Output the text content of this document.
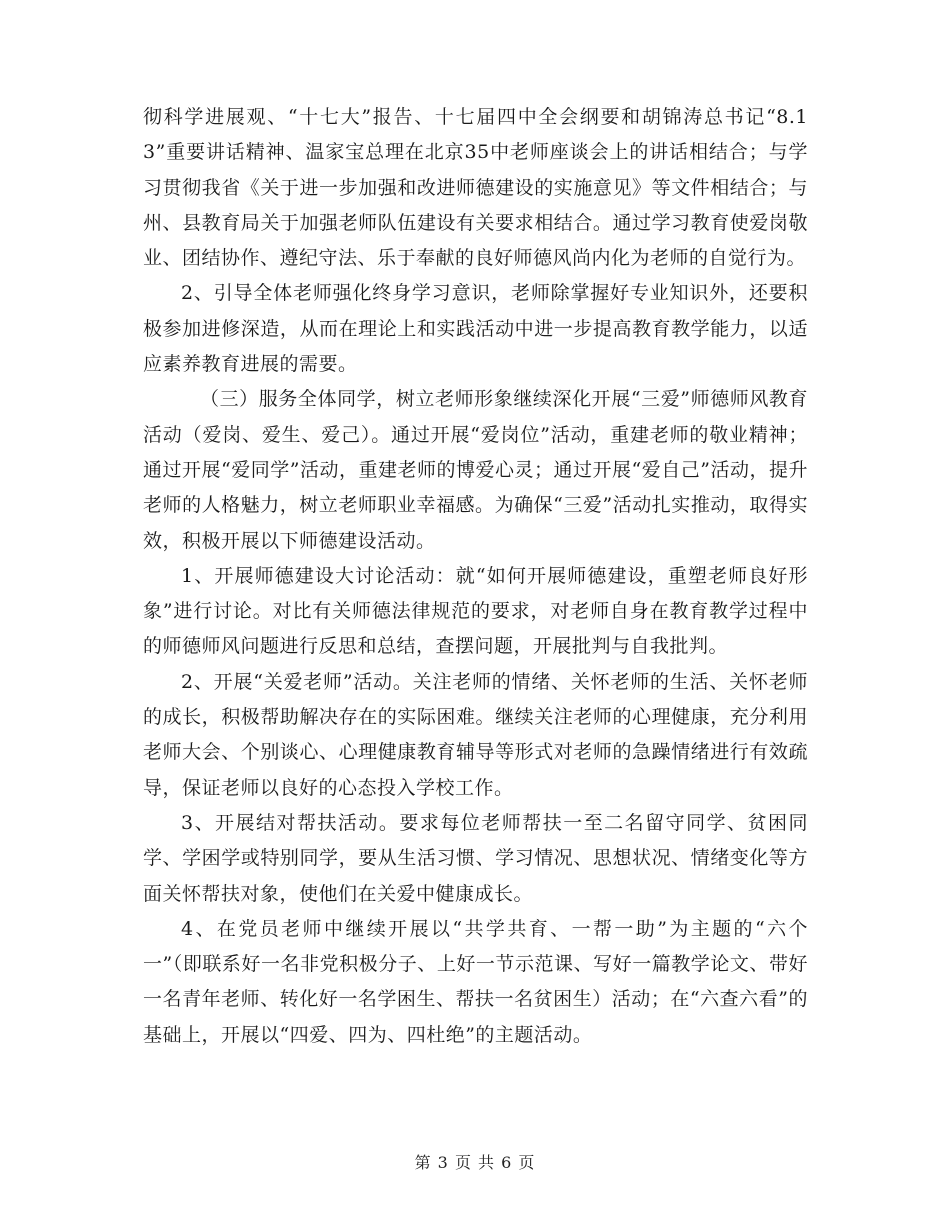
彻科学进展观、“十七大”报告、十七届四中全会纲要和胡锦涛总书记“8.13”重要讲话精神、温家宝总理在北京35中老师座谈会上的讲话相结合；与学习贯彻我省《关于进一步加强和改进师德建设的实施意见》等文件相结合；与州、县教育局关于加强老师队伍建设有关要求相结合。通过学习教育使爱岗敬业、团结协作、遵纪守法、乐于奉献的良好师德风尚内化为老师的自觉行为。

2、引导全体老师强化终身学习意识，老师除掌握好专业知识外，还要积极参加进修深造，从而在理论上和实践活动中进一步提高教育教学能力，以适应素养教育进展的需要。

（三）服务全体同学，树立老师形象继续深化开展“三爱”师德师风教育活动（爱岗、爱生、爱己）。通过开展“爱岗位”活动，重建老师的敬业精神；通过开展“爱同学”活动，重建老师的博爱心灵；通过开展“爱自己”活动，提升老师的人格魅力，树立老师职业幸福感。为确保“三爱”活动扎实推动，取得实效，积极开展以下师德建设活动。

1、开展师德建设大讨论活动：就“如何开展师德建设，重塑老师良好形象”进行讨论。对比有关师德法律规范的要求，对老师自身在教育教学过程中的师德师风问题进行反思和总结，查摆问题，开展批判与自我批判。

2、开展“关爱老师”活动。关注老师的情绪、关怀老师的生活、关怀老师的成长，积极帮助解决存在的实际困难。继续关注老师的心理健康，充分利用老师大会、个别谈心、心理健康教育辅导等形式对老师的急躁情绪进行有效疏导，保证老师以良好的心态投入学校工作。

3、开展结对帮扶活动。要求每位老师帮扶一至二名留守同学、贫困同学、学困学或特别同学，要从生活习惯、学习情况、思想状况、情绪变化等方面关怀帮扶对象，使他们在关爱中健康成长。

4、在党员老师中继续开展以“共学共育、一帮一助”为主题的“六个一”（即联系好一名非党积极分子、上好一节示范课、写好一篇教学论文、带好一名青年老师、转化好一名学困生、帮扶一名贫困生）活动；在“六查六看”的基础上，开展以“四爱、四为、四杜绝”的主题活动。

第 3 页 共 6 页
